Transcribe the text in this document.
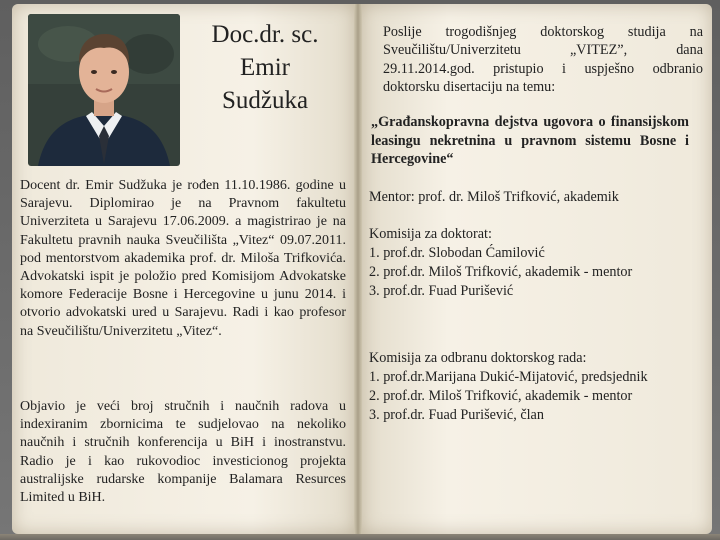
Doc.dr. sc.
Emir
Sudžuka

Docent dr. Emir Sudžuka je rođen 11.10.1986. godine u Sarajevu. Diplomirao je na Pravnom fakultetu Univerziteta u Sarajevu 17.06.2009. a magistrirao je na Fakultetu pravnih nauka Sveučilišta „Vitez“ 09.07.2011. pod mentorstvom akademika prof. dr. Miloša Trifkovića. Advokatski ispit je položio pred Komisijom Advokatske komore Federacije Bosne i Hercegovine u junu 2014. i otvorio advokatski ured u Sarajevu. Radi i kao profesor na Sveučilištu/Univerzitetu „Vitez“.

Objavio je veći broj stručnih i naučnih radova u indexiranim zbornicima te sudjelovao na nekoliko naučnih i stručnih konferencija u BiH i inostranstvu. Radio je i kao rukovodioc investicionog projekta australijske rudarske kompanije Balamara Resurces Limited u BiH.

Poslije trogodišnjeg doktorskog studija na Sveučilištu/Univerzitetu „VITEZ”, dana 29.11.2014.god. pristupio i uspješno odbranio doktorsku disertaciju na temu:

„Građanskopravna dejstva ugovora o finansijskom leasingu nekretnina u pravnom sistemu Bosne i Hercegovine“

Mentor: prof. dr. Miloš Trifković, akademik

Komisija za doktorat:

1. prof.dr. Slobodan Ćamilović

2. prof.dr. Miloš Trifković, akademik - mentor

3. prof.dr. Fuad Purišević

Komisija za odbranu doktorskog rada:

1. prof.dr.Marijana Dukić-Mijatović, predsjednik

2. prof.dr. Miloš Trifković, akademik - mentor

3. prof.dr. Fuad Purišević, član
